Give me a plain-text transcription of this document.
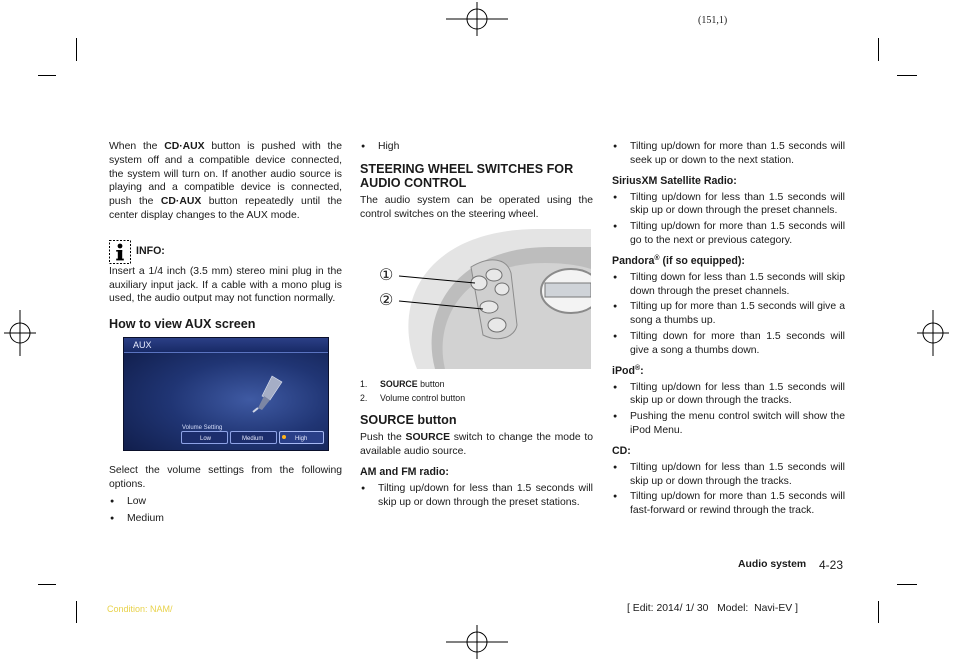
(151,1)

When the CD·AUX button is pushed with the system off and a compatible device connected, the system will turn on. If another audio source is playing and a compatible device is connected, push the CD·AUX button repeatedly until the center display changes to the AUX mode.

INFO:

Insert a 1/4 inch (3.5 mm) stereo mini plug in the auxiliary input jack. If a cable with a mono plug is used, the audio output may not function normally.

How to view AUX screen
AUX
Volume Setting
Low	Medium	High

Select the volume settings from the following options.

● Low

● Medium

● High

STEERING WHEEL SWITCHES FOR AUDIO CONTROL

The audio system can be operated using the control switches on the steering wheel.

①
②
1. SOURCE button
2. Volume control button
SOURCE button

Push the SOURCE switch to change the mode to available audio source.

AM and FM radio:

● Tilting up/down for less than 1.5 seconds will skip up or down through the preset stations.

● Tilting up/down for more than 1.5 seconds will seek up or down to the next station.

SiriusXM Satellite Radio:

● Tilting up/down for less than 1.5 seconds will skip up or down through the preset channels.

● Tilting up/down for more than 1.5 seconds will go to the next or previous category.

Pandora® (if so equipped):

● Tilting down for less than 1.5 seconds will skip down through the preset channels.

● Tilting up for more than 1.5 seconds will give a song a thumbs up.

● Tilting down for more than 1.5 seconds will give a song a thumbs down.

iPod®:

● Tilting up/down for less than 1.5 seconds will skip up or down through the tracks.

● Pushing the menu control switch will show the iPod Menu.

CD:

● Tilting up/down for less than 1.5 seconds will skip up or down through the tracks.

● Tilting up/down for more than 1.5 seconds will fast-forward or rewind through the track.

Audio system 4-23
Condition: NAM/	[ Edit: 2014/ 1/ 30   Model:  Navi-EV ]
